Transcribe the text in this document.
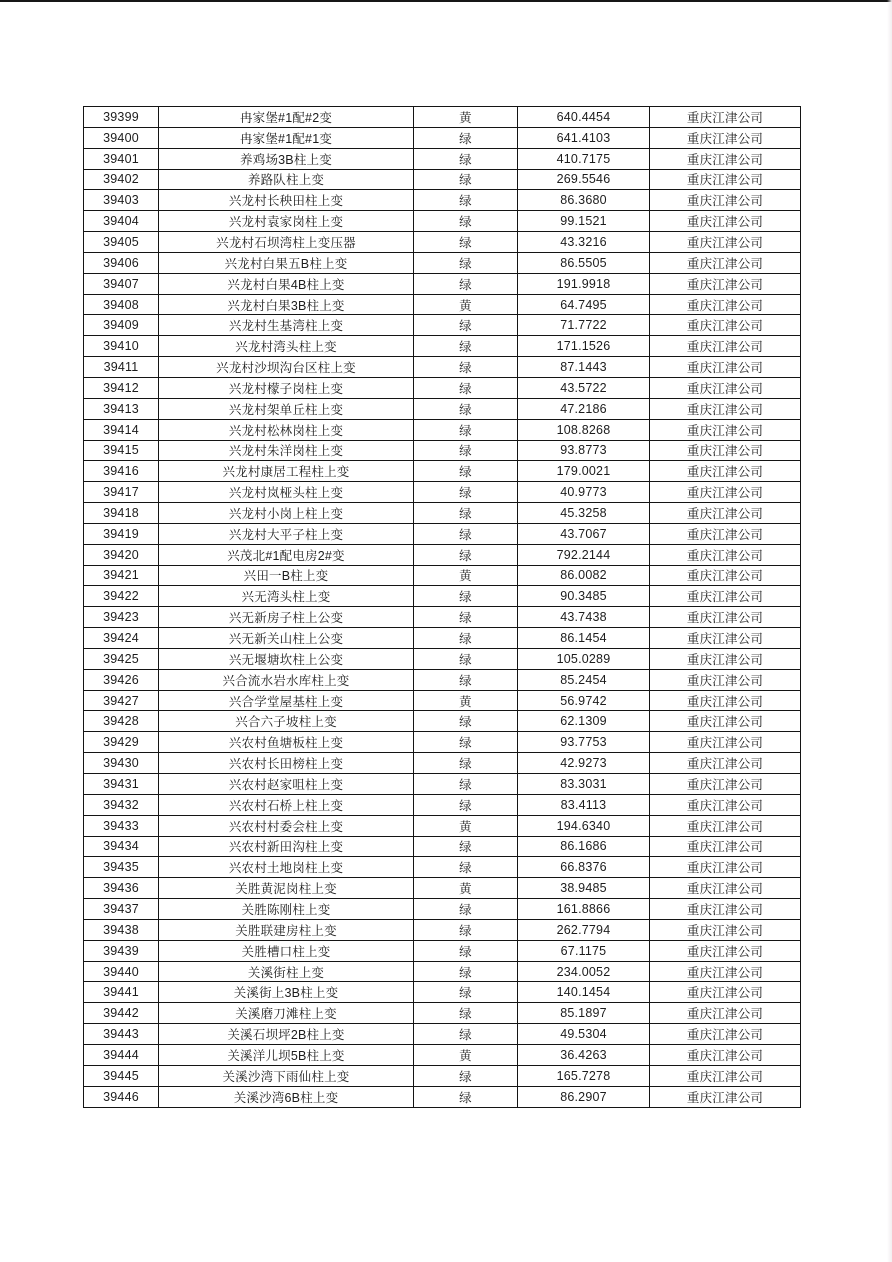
39399	冉家堡#1配#2变	黄	640.4454	重庆江津公司
39400	冉家堡#1配#1变	绿	641.4103	重庆江津公司
39401	养鸡场3B柱上变	绿	410.7175	重庆江津公司
39402	养路队柱上变	绿	269.5546	重庆江津公司
39403	兴龙村长秧田柱上变	绿	86.3680	重庆江津公司
39404	兴龙村袁家岗柱上变	绿	99.1521	重庆江津公司
39405	兴龙村石坝湾柱上变压器	绿	43.3216	重庆江津公司
39406	兴龙村白果五B柱上变	绿	86.5505	重庆江津公司
39407	兴龙村白果4B柱上变	绿	191.9918	重庆江津公司
39408	兴龙村白果3B柱上变	黄	64.7495	重庆江津公司
39409	兴龙村生基湾柱上变	绿	71.7722	重庆江津公司
39410	兴龙村湾头柱上变	绿	171.1526	重庆江津公司
39411	兴龙村沙坝沟台区柱上变	绿	87.1443	重庆江津公司
39412	兴龙村檬子岗柱上变	绿	43.5722	重庆江津公司
39413	兴龙村架单丘柱上变	绿	47.2186	重庆江津公司
39414	兴龙村松林岗柱上变	绿	108.8268	重庆江津公司
39415	兴龙村朱洋岗柱上变	绿	93.8773	重庆江津公司
39416	兴龙村康居工程柱上变	绿	179.0021	重庆江津公司
39417	兴龙村岚桠头柱上变	绿	40.9773	重庆江津公司
39418	兴龙村小岗上柱上变	绿	45.3258	重庆江津公司
39419	兴龙村大平子柱上变	绿	43.7067	重庆江津公司
39420	兴茂北#1配电房2#变	绿	792.2144	重庆江津公司
39421	兴田一B柱上变	黄	86.0082	重庆江津公司
39422	兴无湾头柱上变	绿	90.3485	重庆江津公司
39423	兴无新房子柱上公变	绿	43.7438	重庆江津公司
39424	兴无新关山柱上公变	绿	86.1454	重庆江津公司
39425	兴无堰塘坎柱上公变	绿	105.0289	重庆江津公司
39426	兴合流水岩水库柱上变	绿	85.2454	重庆江津公司
39427	兴合学堂屋基柱上变	黄	56.9742	重庆江津公司
39428	兴合六子坡柱上变	绿	62.1309	重庆江津公司
39429	兴农村鱼塘板柱上变	绿	93.7753	重庆江津公司
39430	兴农村长田榜柱上变	绿	42.9273	重庆江津公司
39431	兴农村赵家咀柱上变	绿	83.3031	重庆江津公司
39432	兴农村石桥上柱上变	绿	83.4113	重庆江津公司
39433	兴农村村委会柱上变	黄	194.6340	重庆江津公司
39434	兴农村新田沟柱上变	绿	86.1686	重庆江津公司
39435	兴农村土地岗柱上变	绿	66.8376	重庆江津公司
39436	关胜黄泥岗柱上变	黄	38.9485	重庆江津公司
39437	关胜陈刚柱上变	绿	161.8866	重庆江津公司
39438	关胜联建房柱上变	绿	262.7794	重庆江津公司
39439	关胜槽口柱上变	绿	67.1175	重庆江津公司
39440	关溪街柱上变	绿	234.0052	重庆江津公司
39441	关溪街上3B柱上变	绿	140.1454	重庆江津公司
39442	关溪磨刀滩柱上变	绿	85.1897	重庆江津公司
39443	关溪石坝坪2B柱上变	绿	49.5304	重庆江津公司
39444	关溪洋儿坝5B柱上变	黄	36.4263	重庆江津公司
39445	关溪沙湾下雨仙柱上变	绿	165.7278	重庆江津公司
39446	关溪沙湾6B柱上变	绿	86.2907	重庆江津公司
